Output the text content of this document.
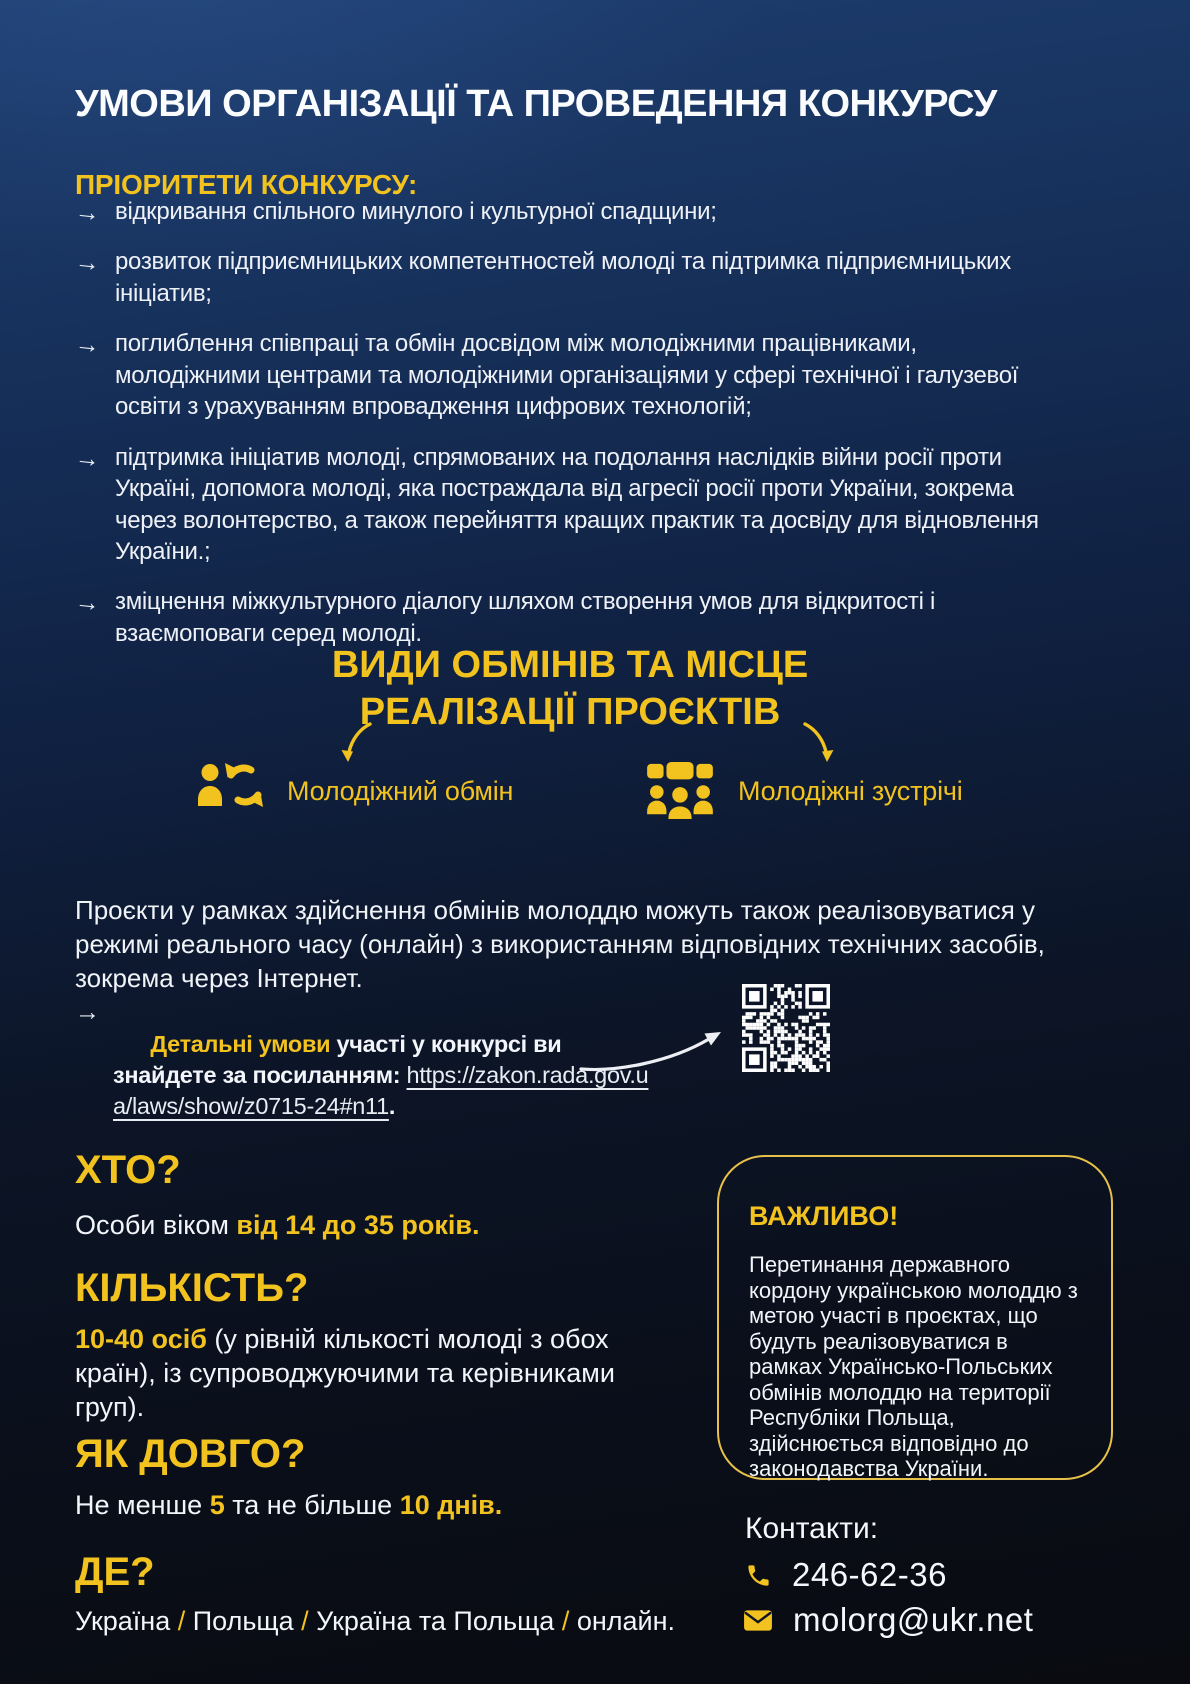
УМОВИ ОРГАНІЗАЦІЇ ТА ПРОВЕДЕННЯ КОНКУРСУ
ПРІОРИТЕТИ КОНКУРСУ:
→ відкривання спільного минулого і культурної спадщини;
→ розвиток підприємницьких компетентностей молоді та підтримка підприємницьких ініціатив;
→ поглиблення співпраці та обмін досвідом між молодіжними працівниками, молодіжними центрами та молодіжними організаціями у сфері технічної і галузевої освіти з урахуванням впровадження цифрових технологій;
→ підтримка ініціатив молоді, спрямованих на подолання наслідків війни росії проти Україні, допомога молоді, яка постраждала від агресії росії проти України, зокрема через волонтерство, а також перейняття кращих практик та досвіду для відновлення України.;
→ зміцнення міжкультурного діалогу шляхом створення умов для відкритості і взаємоповаги серед молоді.
ВИДИ ОБМІНІВ ТА МІСЦЕ
РЕАЛІЗАЦІЇ ПРОЄКТІВ
Молодіжний обмін	Молодіжні зустрічі

Проєкти у рамках здійснення обмінів молоддю можуть також реалізовуватися у режимі реального часу (онлайн) з використанням відповідних технічних засобів, зокрема через Інтернет.

→

Детальні умови участі у конкурсі ви знайдете за посиланням: https://zakon.rada.gov.ua/laws/show/z0715-24#n11.

ХТО?
Особи віком від 14 до 35 років.
КІЛЬКІСТЬ?
10-40 осіб (у рівній кількості молоді з обох країн), із супроводжуючими та керівниками груп).
ЯК ДОВГО?
Не менше 5 та не більше 10 днів.
ДЕ?
Україна / Польща / Україна та Польща / онлайн.
ВАЖЛИВО!

Перетинання державного кордону українською молоддю з метою участі в проєктах, що будуть реалізовуватися в рамках Українсько-Польських обмінів молоддю на території Республіки Польща, здійснюється відповідно до законодавства України.

Контакти:
246-62-36
molorg@ukr.net
